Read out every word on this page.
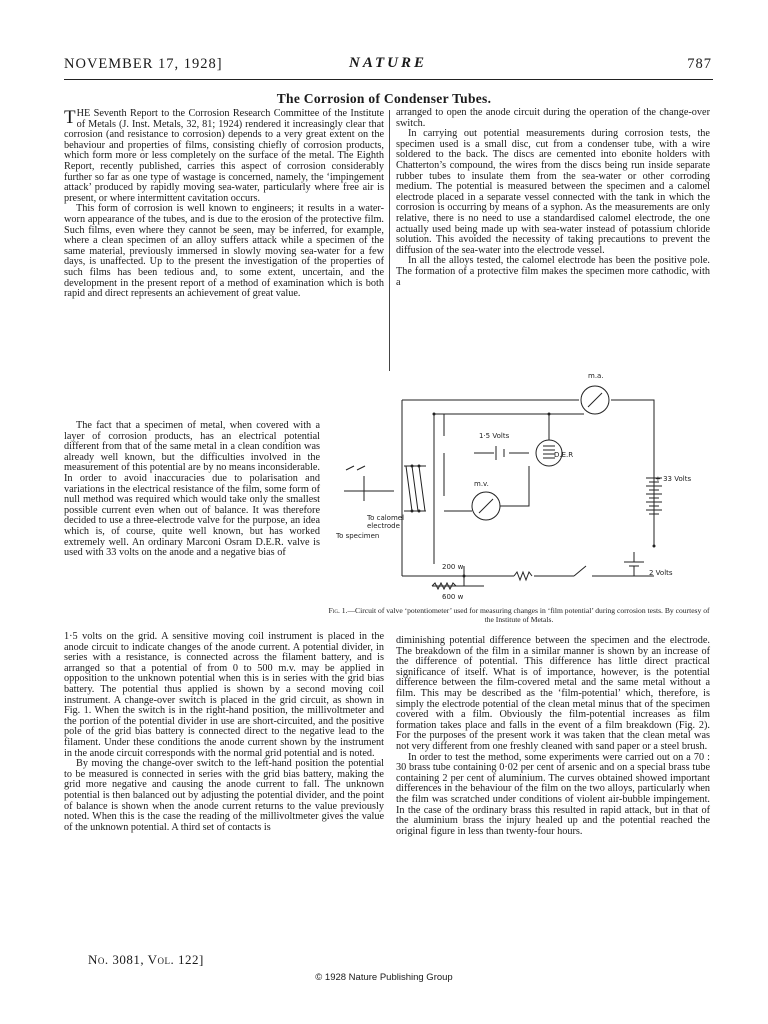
NOVEMBER 17, 1928]	NATURE	787
The Corrosion of Condenser Tubes.

THE Seventh Report to the Corrosion Research Committee of the Institute of Metals (J. Inst. Metals, 32, 81; 1924) rendered it increasingly clear that corrosion (and resistance to corrosion) depends to a very great extent on the behaviour and properties of films, consisting chiefly of corrosion products, which form more or less completely on the surface of the metal. The Eighth Report, recently published, carries this aspect of corrosion considerably further so far as one type of wastage is concerned, namely, the ‘impingement attack’ produced by rapidly moving sea-water, particularly where free air is present, or where intermittent cavitation occurs.

This form of corrosion is well known to engineers; it results in a water-worn appearance of the tubes, and is due to the erosion of the protective film. Such films, even where they cannot be seen, may be inferred, for example, where a clean specimen of an alloy suffers attack while a specimen of the same material, previously immersed in slowly moving sea-water for a few days, is unaffected. Up to the present the investigation of the properties of such films has been tedious and, to some extent, uncertain, and the development in the present report of a method of examination which is both rapid and direct represents an achievement of great value.

The fact that a specimen of metal, when covered with a layer of corrosion products, has an electrical potential different from that of the same metal in a clean condition was already well known, but the difficulties involved in the measurement of this potential are by no means inconsiderable. In order to avoid inaccuracies due to polarisation and variations in the electrical resistance of the film, some form of null method was required which would take only the smallest possible current even when out of balance. It was therefore decided to use a three-electrode valve for the purpose, an idea which is, of course, quite well known, but has worked extremely well. An ordinary Marconi Osram D.E.R. valve is used with 33 volts on the anode and a negative bias of

1·5 volts on the grid. A sensitive moving coil instrument is placed in the anode circuit to indicate changes of the anode current. A potential divider, in series with a resistance, is connected across the filament battery, and is arranged so that a potential of from 0 to 500 m.v. may be applied in opposition to the unknown potential when this is in series with the grid bias battery. The potential thus applied is shown by a second moving coil instrument. A change-over switch is placed in the grid circuit, as shown in Fig. 1. When the switch is in the right-hand position, the millivoltmeter and the portion of the potential divider in use are short-circuited, and the positive pole of the grid bias battery is connected direct to the negative lead to the filament. Under these conditions the anode current shown by the instrument in the anode circuit corresponds with the normal grid potential and is noted.

By moving the change-over switch to the left-hand position the potential to be measured is connected in series with the grid bias battery, making the grid more negative and causing the anode current to fall. The unknown potential is then balanced out by adjusting the potential divider, and the point of balance is shown when the anode current returns to the value previously noted. When this is the case the reading of the millivoltmeter gives the value of the unknown potential. A third set of contacts is

arranged to open the anode circuit during the operation of the change-over switch.

In carrying out potential measurements during corrosion tests, the specimen used is a small disc, cut from a condenser tube, with a wire soldered to the back. The discs are cemented into ebonite holders with Chatterton’s compound, the wires from the discs being run inside separate rubber tubes to insulate them from the sea-water or other corroding medium. The potential is measured between the specimen and a calomel electrode placed in a separate vessel connected with the tank in which the corrosion is occurring by means of a syphon. As the measurements are only relative, there is no need to use a standardised calomel electrode, the one actually used being made up with sea-water instead of potassium chloride solution. This avoided the necessity of taking precautions to prevent the diffusion of the sea-water into the electrode vessel.

In all the alloys tested, the calomel electrode has been the positive pole. The formation of a protective film makes the specimen more cathodic, with a

m.a.
1·5 Volts
D.E.R
+ 33 Volts
m.v.
To calomel
electrode
To specimen
200 w
600 w
2 Volts
Fig. 1.—Circuit of valve ‘potentiometer’ used for measuring changes in ‘film potential’ during corrosion tests. By courtesy of the Institute of Metals.

diminishing potential difference between the specimen and the electrode. The breakdown of the film in a similar manner is shown by an increase of the difference of potential. This difference has little direct practical significance of itself. What is of importance, however, is the potential difference between the film-covered metal and the same metal without a film. This may be described as the ‘film-potential’ which, therefore, is simply the electrode potential of the clean metal minus that of the specimen covered with a film. Obviously the film-potential increases as film formation takes place and falls in the event of a film breakdown (Fig. 2). For the purposes of the present work it was taken that the clean metal was not very different from one freshly cleaned with sand paper or a steel brush.

In order to test the method, some experiments were carried out on a 70 : 30 brass tube containing 0·02 per cent of arsenic and on a special brass tube containing 2 per cent of aluminium. The curves obtained showed important differences in the behaviour of the film on the two alloys, particularly when the film was scratched under conditions of violent air-bubble impingement. In the case of the ordinary brass this resulted in rapid attack, but in that of the aluminium brass the injury healed up and the potential reached the original figure in less than twenty-four hours.

No. 3081, Vol. 122]
© 1928 Nature Publishing Group
